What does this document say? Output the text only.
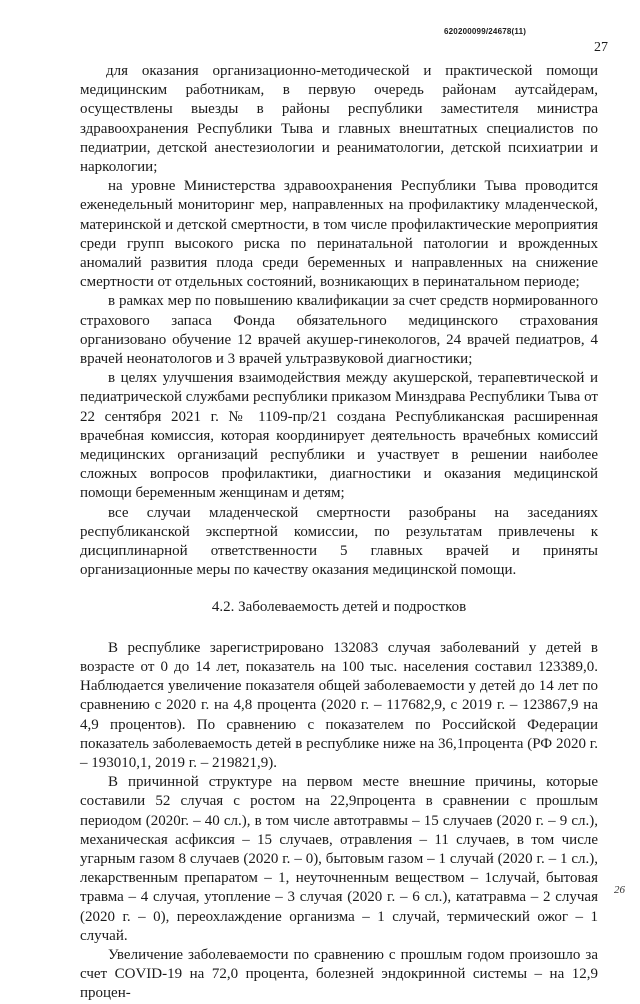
620200099/24678(11)
27

для оказания организационно-методической и практической помощи медицинским работникам, в первую очередь районам аутсайдерам, осуществлены выезды в районы республики заместителя министра здравоохранения Республики Тыва и главных внештатных специалистов по педиатрии, детской анестезиологии и реаниматологии, детской психиатрии и наркологии;

на уровне Министерства здравоохранения Республики Тыва проводится еженедельный мониторинг мер, направленных на профилактику младенческой, материнской и детской смертности, в том числе профилактические мероприятия среди групп высокого риска по перинатальной патологии и врожденных аномалий развития плода среди беременных и направленных на снижение смертности от отдельных состояний, возникающих в перинатальном периоде;

в рамках мер по повышению квалификации за счет средств нормированного страхового запаса Фонда обязательного медицинского страхования организовано обучение 12 врачей акушер-гинекологов, 24 врачей педиатров, 4 врачей неонатологов и 3 врачей ультразвуковой диагностики;

в целях улучшения взаимодействия между акушерской, терапевтической и педиатрической службами республики приказом Минздрава Республики Тыва от 22 сентября 2021 г. № 1109-пр/21 создана Республиканская расширенная врачебная комиссия, которая координирует деятельность врачебных комиссий медицинских организаций республики и участвует в решении наиболее сложных вопросов профилактики, диагностики и оказания медицинской помощи беременным женщинам и детям;

все случаи младенческой смертности разобраны на заседаниях республиканской экспертной комиссии, по результатам привлечены к дисциплинарной ответственности 5 главных врачей и приняты организационные меры по качеству оказания медицинской помощи.

4.2. Заболеваемость детей и подростков

В республике зарегистрировано 132083 случая заболеваний у детей в возрасте от 0 до 14 лет, показатель на 100 тыс. населения составил 123389,0. Наблюдается увеличение показателя общей заболеваемости у детей до 14 лет по сравнению с 2020 г. на 4,8 процента (2020 г. – 117682,9, с 2019 г. – 123867,9 на 4,9 процентов). По сравнению с показателем по Российской Федерации показатель заболеваемость детей в республике ниже на 36,1процента (РФ 2020 г. – 193010,1, 2019 г. – 219821,9).

В причинной структуре на первом месте внешние причины, которые составили 52 случая с ростом на 22,9процента в сравнении с прошлым периодом (2020г. – 40 сл.), в том числе автотравмы – 15 случаев (2020 г. – 9 сл.), механическая асфиксия – 15 случаев, отравления – 11 случаев, в том числе угарным газом 8 случаев (2020 г. – 0), бытовым газом – 1 случай (2020 г. – 1 сл.), лекарственным препаратом – 1, неуточненным веществом – 1случай, бытовая травма – 4 случая, утопление – 3 случая (2020 г. – 6 сл.), кататравма – 2 случая (2020 г. – 0), переохлаждение организма – 1 случай, термический ожог – 1 случай.

Увеличение заболеваемости по сравнению с прошлым годом произошло за счет COVID-19 на 72,0 процента, болезней эндокринной системы – на 12,9 процен-

26
